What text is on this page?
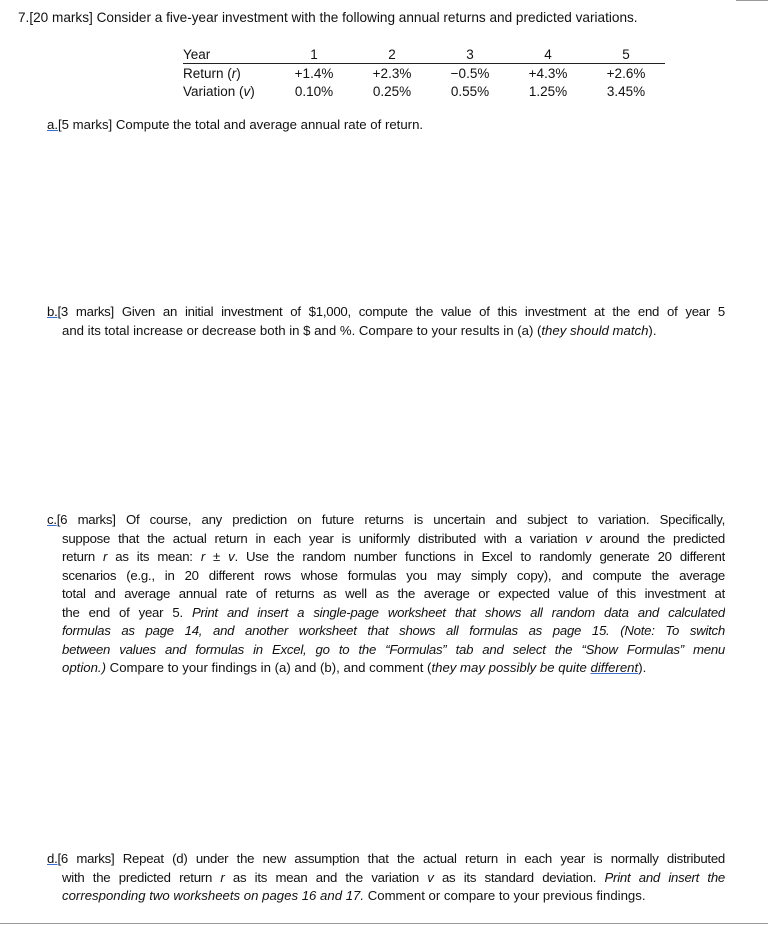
7.[20 marks] Consider a five-year investment with the following annual returns and predicted variations.
Year	1	2	3	4	5
Return (r)	+1.4%	+2.3%	−0.5%	+4.3%	+2.6%
Variation (v)	0.10%	0.25%	0.55%	1.25%	3.45%
a.[5 marks] Compute the total and average annual rate of return.
b.[3 marks] Given an initial investment of $1,000, compute the value of this investment at the end of year 5
and its total increase or decrease both in $ and %. Compare to your results in (a) (they should match).
c.[6 marks] Of course, any prediction on future returns is uncertain and subject to variation. Specifically,
suppose that the actual return in each year is uniformly distributed with a variation v around the predicted
return r as its mean: r ± v. Use the random number functions in Excel to randomly generate 20 different
scenarios (e.g., in 20 different rows whose formulas you may simply copy), and compute the average
total and average annual rate of returns as well as the average or expected value of this investment at
the end of year 5. Print and insert a single-page worksheet that shows all random data and calculated
formulas as page 14, and another worksheet that shows all formulas as page 15. (Note: To switch
between values and formulas in Excel, go to the “Formulas” tab and select the “Show Formulas” menu
option.) Compare to your findings in (a) and (b), and comment (they may possibly be quite different).
d.[6 marks] Repeat (d) under the new assumption that the actual return in each year is normally distributed
with the predicted return r as its mean and the variation v as its standard deviation. Print and insert the
corresponding two worksheets on pages 16 and 17. Comment or compare to your previous findings.
